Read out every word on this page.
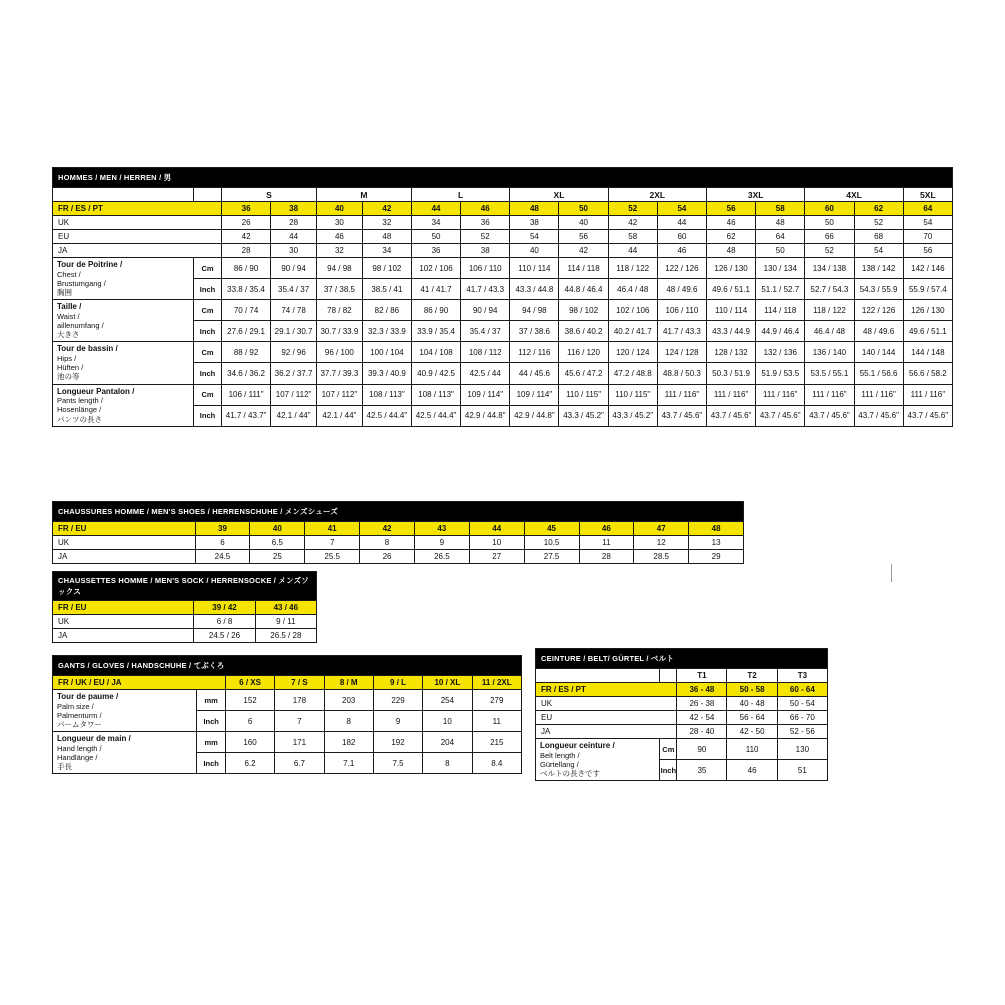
HOMMES / MEN / HERREN / 男																
		S		M		L		XL		2XL		3XL		4XL		5XL
FR / ES / PT		36	38	40	42	44	46	48	50	52	54	56	58	60	62	64
UK		26	28	30	32	34	36	38	40	42	44	46	48	50	52	54
EU		42	44	46	48	50	52	54	56	58	60	62	64	66	68	70
JA		28	30	32	34	36	38	40	42	44	46	48	50	52	54	56
Tour de Poitrine /
Chest /
Brustumgang /
胸囲	Cm	86 / 90	90 / 94	94 / 98	98 / 102	102 / 106	106 / 110	110 / 114	114 / 118	118 / 122	122 / 126	126 / 130	130 / 134	134 / 138	138 / 142	142 / 146
	Inch	33.8 / 35.4	35.4 / 37	37 / 38.5	38.5 / 41	41 / 41.7	41.7 / 43.3	43.3 / 44.8	44.8 / 46.4	46.4 / 48	48 / 49.6	49.6 / 51.1	51.1 / 52.7	52.7 / 54.3	54.3 / 55.9	55.9 / 57.4
Taille /
Waist /
aillenumfang /
大きさ	Cm	70 / 74	74 / 78	78 / 82	82 / 86	86 / 90	90 / 94	94 / 98	98 / 102	102 / 106	106 / 110	110 / 114	114 / 118	118 / 122	122 / 126	126 / 130
	Inch	27.6 / 29.1	29.1 / 30.7	30.7 / 33.9	32.3 / 33.9	33.9 / 35.4	35.4 / 37	37 / 38.6	38.6 / 40.2	40.2 / 41.7	41.7 / 43.3	43.3 / 44.9	44.9 / 46.4	46.4 / 48	48 / 49.6	49.6 / 51.1
Tour de bassin /
Hips /
Hüften /
池の等	Cm	88 / 92	92 / 96	96 / 100	100 / 104	104 / 108	108 / 112	112 / 116	116 / 120	120 / 124	124 / 128	128 / 132	132 / 136	136 / 140	140 / 144	144 / 148
	Inch	34.6 / 36.2	36.2 / 37.7	37.7 / 39.3	39.3 / 40.9	40.9 / 42.5	42.5 / 44	44 / 45.6	45.6 / 47.2	47.2 / 48.8	48.8 / 50.3	50.3 / 51.9	51.9 / 53.5	53.5 / 55.1	55.1 / 56.6	56.6 / 58.2
Longueur Pantalon /
Pants length /
Hosenlänge /
パンツの長さ	Cm	106 / 111"	107 / 112"	107 / 112"	108 / 113"	108 / 113"	109 / 114"	109 / 114"	110 / 115"	110 / 115"	111 / 116"	111 / 116"	111 / 116"	111 / 116"	111 / 116"	111 / 116"
	Inch	41.7 / 43.7"	42.1 / 44"	42.1 / 44"	42.5 / 44.4"	42.5 / 44.4"	42.9 / 44.8"	42.9 / 44.8"	43.3 / 45.2"	43.3 / 45.2"	43.7 / 45.6"	43.7 / 45.6"	43.7 / 45.6"	43.7 / 45.6"	43.7 / 45.6"	43.7 / 45.6"
CHAUSSURES HOMME / MEN'S SHOES / HERRENSCHUHE / メンズシューズ										
FR / EU	39	40	41	42	43	44	45	46	47	48
UK	6	6.5	7	8	9	10	10.5	11	12	13
JA	24.5	25	25.5	26	26.5	27	27.5	28	28.5	29
CHAUSSETTES HOMME / MEN'S SOCK / HERRENSOCKE / メンズソックス		
FR / EU	39 / 42	43 / 46
UK	6 / 8	9 / 11
JA	24.5 / 26	26.5 / 28
GANTS / GLOVES / HANDSCHUHE / てぶくろ							
FR / UK / EU / JA		6 / XS	7 / S	8 / M	9 / L	10 / XL	11 / 2XL
Tour de paume /
Palm size /
Palmenturm /
パームタワー	mm	152	178	203	229	254	279
	Inch	6	7	8	9	10	11
Longueur de main /
Hand length /
Handlänge /
手長	mm	160	171	182	192	204	215
	Inch	6.2	6.7	7.1	7.5	8	8.4
CEINTURE / BELT/ GÜRTEL / ベルト				
		T1	T2	T3
FR / ES / PT		36 - 48	50 - 58	60 - 64
UK		26 - 38	40 - 48	50 - 54
EU		42 - 54	56 - 64	66 - 70
JA		28 - 40	42 - 50	52 - 56
Longueur ceinture /
Belt length /
Gürtellang /
ベルトの長さです	Cm	90	110	130
	Inch	35	46	51
